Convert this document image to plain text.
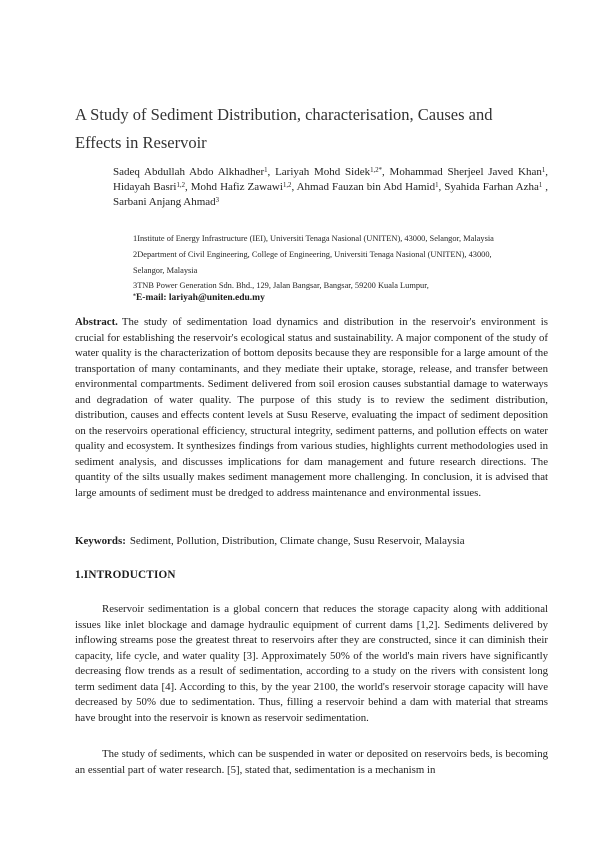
A Study of Sediment Distribution, characterisation, Causes and
Effects in Reservoir
Sadeq Abdullah Abdo Alkhadher$^1$, Lariyah Mohd Sidek$^{1,2*}$, Mohammad Sherjeel Javed Khan$^1$, Hidayah Basri$^{1,2}$, Mohd Hafiz Zawawi$^{1,2}$, Ahmad Fauzan bin Abd Hamid$^1$, Syahida Farhan Azha$^1$ , Sarbani Anjang Ahmad$^3$
1Institute of Energy Infrastructure (IEI), Universiti Tenaga Nasional (UNITEN), 43000, Selangor, Malaysia
2Department of Civil Engineering, College of Engineering, Universiti Tenaga Nasional (UNITEN), 43000,
Selangor, Malaysia
3TNB Power Generation Sdn. Bhd., 129, Jalan Bangsar, Bangsar, 59200 Kuala Lumpur,
*E-mail: lariyah@uniten.edu.my
Abstract. The study of sedimentation load dynamics and distribution in the reservoir's environment is crucial for establishing the reservoir's ecological status and sustainability. A major component of the study of water quality is the characterization of bottom deposits because they are responsible for a large amount of the transportation of many contaminants, and they mediate their uptake, storage, release, and transfer between environmental compartments. Sediment delivered from soil erosion causes substantial damage to waterways and degradation of water quality. The purpose of this study is to review the sediment distribution, distribution, causes and effects content levels at Susu Reserve, evaluating the impact of sediment deposition on the reservoirs operational efficiency, structural integrity, sediment patterns, and pollution effects on water quality and ecosystem. It synthesizes findings from various studies, highlights current methodologies used in sediment analysis, and discusses implications for dam management and future research directions. The quantity of the silts usually makes sediment management more challenging. In conclusion, it is advised that large amounts of sediment must be dredged to address maintenance and environmental issues.
Keywords: Sediment, Pollution, Distribution, Climate change, Susu Reservoir, Malaysia
1.INTRODUCTION
Reservoir sedimentation is a global concern that reduces the storage capacity along with additional issues like inlet blockage and damage hydraulic equipment of current dams [1,2]. Sediments delivered by inflowing streams pose the greatest threat to reservoirs after they are constructed, since it can diminish their capacity, life cycle, and water quality [3]. Approximately 50% of the world's main rivers have significantly decreasing flow trends as a result of sedimentation, according to a study on the rivers with consistent long term sediment data [4]. According to this, by the year 2100, the world's reservoir storage capacity will have decreased by 50% due to sedimentation. Thus, filling a reservoir behind a dam with material that streams have brought into the reservoir is known as reservoir sedimentation.
The study of sediments, which can be suspended in water or deposited on reservoirs beds, is becoming an essential part of water research. [5], stated that, sedimentation is a mechanism in
